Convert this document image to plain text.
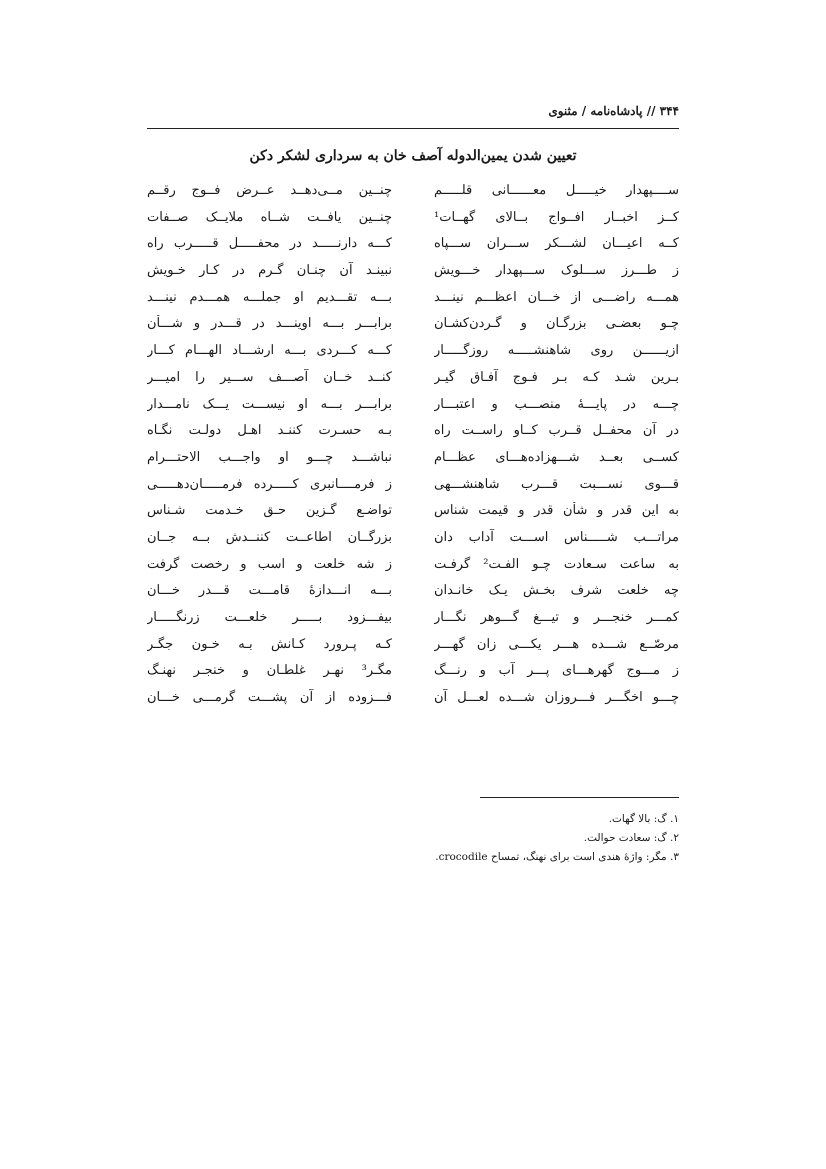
۳۴۴ // پادشاه‌نامه / مثنوی
تعیین شدن یمین‌الدوله آصف خان به سرداری لشکر دکن
ســــپهدار خیـــــل معــــــانی قلـــــم
چنــین مــی‌دهــد عــرض فــوج رقــم
کــز اخبــار افــواج بــالای گهــات¹
چنــین یافــت شــاه ملایــک صــفات
کــه اعیـــان لشـــکر ســـران ســـپاه
کـــه دارنـــــد در محفـــــل قـــــرب راه
ز طـــرز ســـلوک ســـپهدار خـــویش
نبینـد آن چنـان گـرم در کـار خـویش
همـــه راضـــی از خـــان اعظـــم نینـــد
بـــه تقـــدیم او جملـــه همـــدم نینـــد
چـو بعضـی بزرگـان و گـردن‌کشـان
برابـــر بـــه اوینـــد در قـــدر و شـــأن
ازیــــــن روی شاهنشـــــه روزگـــــار
کـــه کـــردی بـــه ارشـــاد الهـــام کـــار
بـرین شـد کـه بـر فـوج آفـاق گیـر
کنــد خــان آصـــف ســـیر را امیـــر
چـــه در پایـــهٔ منصـــب و اعتبـــار
برابـــر بـــه او نیســـت یـــک نامـــدار
در آن محفــل قــرب کــاو راســت راه
بـه حسـرت کننـد اهـل دولـت نگـاه
کســی بعــد شـــهزاده‌هـــای عظـــام
نباشـــد چـــو او واجـــب الاحتـــرام
قـــوی نســـبت قـــرب شاهنشـــهی
ز فرمــــانبری کـــــرده فرمـــــان‌دهـــــی
به این قدر و شأن قدر و قیمت شناس
تواضـع گـزین حـق خـدمت شـناس
مراتـــب شـــــناس اســـت آداب دان
بزرگــان اطاعــت کننــدش بــه جــان
به ساعت سـعادت چـو الفـت² گرفـت
ز شه خلعت و اسب و رخصت گرفت
چه خلعت شرف بخـش یـک خانـدان
بـــه انـــدازهٔ قامـــت قـــدر خـــان
کمـــر خنجـــر و تیـــغ گـــوهر نگـــار
بیفـــزود بـــــر خلعـــت زرنگـــــار
مرصّــع شـــده هـــر یکـــی زان گهـــر
کـه پـرورد کـانش بـه خـون جگـر
ز مـــوج گهرهـــای پـــر آب و رنـــگ
مگـر³ نهـر غلطـان و خنجـر نهنـگ
چـــو اخگـــر فـــروزان شـــده لعـــل آن
فـــزوده از آن پشـــت گرمـــی خـــان
۱. گ: بالا گهات.
۲. گ: سعادت حوالت.
۳. مگر: واژهٔ هندی است برای نهنگ، تمساح crocodile.
